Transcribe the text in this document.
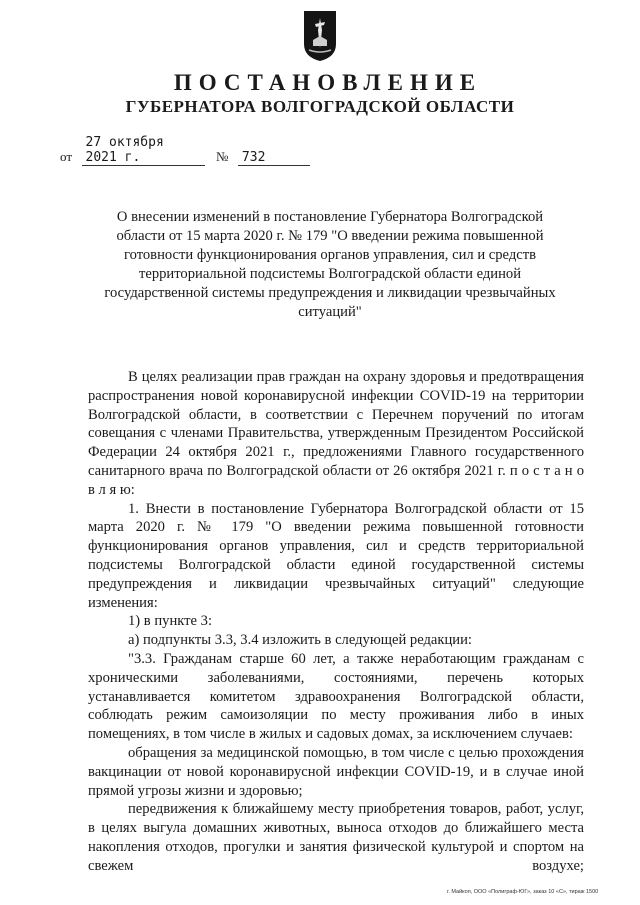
ПОСТАНОВЛЕНИЕ
ГУБЕРНАТОРА ВОЛГОГРАДСКОЙ ОБЛАСТИ
от 27 октября 2021 г.	№ 732

О внесении изменений в постановление Губернатора Волгоградской области от 15 марта 2020 г. № 179 "О введении режима повышенной готовности функционирования органов управления, сил и средств территориальной подсистемы Волгоградской области единой государственной системы предупреждения и ликвидации чрезвычайных ситуаций"

В целях реализации прав граждан на охрану здоровья и предотвращения распространения новой коронавирусной инфекции COVID-19 на территории Волгоградской области, в соответствии с Перечнем поручений по итогам совещания с членами Правительства, утвержденным Президентом Российской Федерации 24 октября 2021 г., предложениями Главного государственного санитарного врача по Волгоградской области от 26 октября 2021 г. п о с т а н о в л я ю:

1. Внести в постановление Губернатора Волгоградской области от 15 марта 2020 г. № 179 "О введении режима повышенной готовности функционирования органов управления, сил и средств территориальной подсистемы Волгоградской области единой государственной системы предупреждения и ликвидации чрезвычайных ситуаций" следующие изменения:

1) в пункте 3:

а) подпункты 3.3, 3.4 изложить в следующей редакции:

"3.3. Гражданам старше 60 лет, а также неработающим гражданам с хроническими заболеваниями, состояниями, перечень которых устанавливается комитетом здравоохранения Волгоградской области, соблюдать режим самоизоляции по месту проживания либо в иных помещениях, в том числе в жилых и садовых домах, за исключением случаев:

обращения за медицинской помощью, в том числе с целью прохождения вакцинации от новой коронавирусной инфекции COVID-19, и в случае иной прямой угрозы жизни и здоровью;

передвижения к ближайшему месту приобретения товаров, работ, услуг, в целях выгула домашних животных, выноса отходов до ближайшего места накопления отходов, прогулки и занятия физической культурой и спортом на свежем воздухе;

г. Майкоп, ООО «Полиграф-ЮГ», заказ 10 «С», тираж 1500
